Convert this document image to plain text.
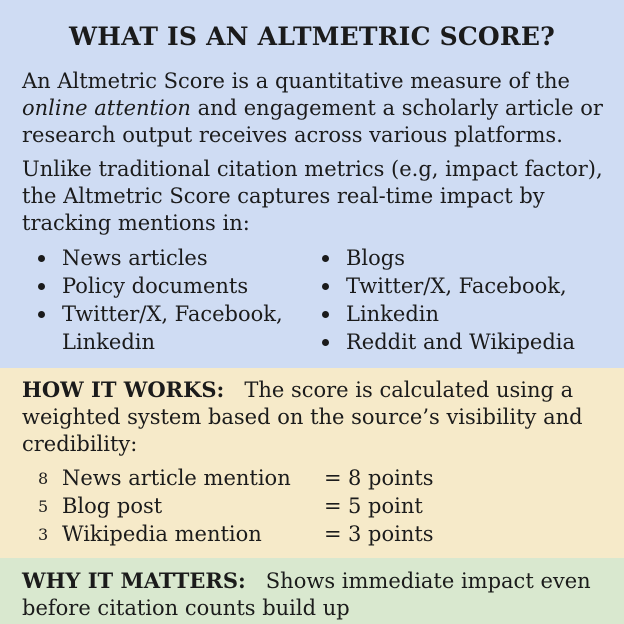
WHAT IS AN ALTMETRIC SCORE?
An Altmetric Score is a quantitative measure of the online attention and engagement a scholarly article or research output receives across various platforms.
Unlike traditional citation metrics (e.g, impact factor), the Altmetric Score captures real-time impact by tracking mentions in:
News articles
Policy documents
Twitter/X, Facebook, Linkedin
Blogs
Twitter/X, Facebook,
Linkedin
Reddit and Wikipedia
HOW IT WORKS: The score is calculated using a weighted system based on the source’s visibility and credibility:
8 News article mention = 8 points
5 Blog post	= 5 point
3 Wikipedia mention	= 3 points
WHY IT MATTERS: Shows immediate impact even before citation counts build up
